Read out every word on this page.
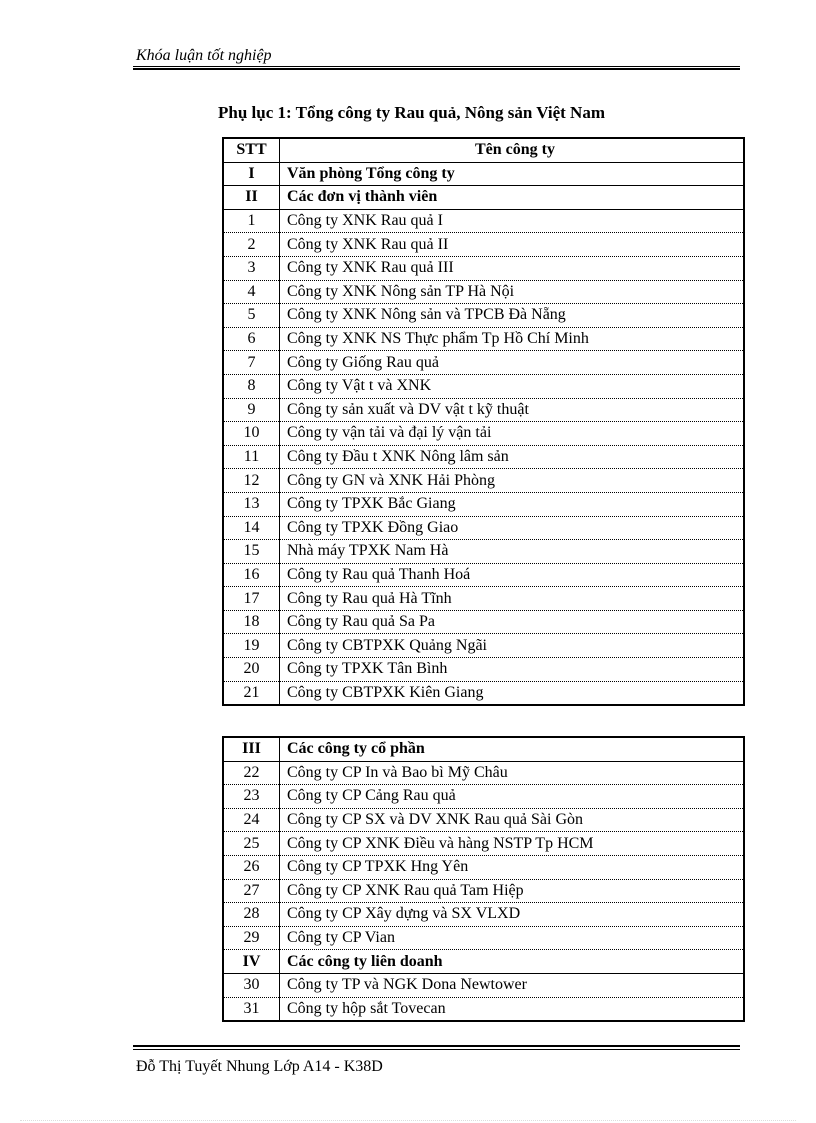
Khóa luận tốt nghiệp
Phụ lục 1: Tổng công ty Rau quả, Nông sản Việt Nam
STT	Tên công ty
I	Văn phòng Tổng công ty
II	Các đơn vị thành viên
1	Công ty XNK Rau quả I
2	Công ty XNK Rau quả II
3	Công ty XNK Rau quả III
4	Công ty XNK Nông sản TP Hà Nội
5	Công ty XNK Nông sản và TPCB Đà Nẵng
6	Công ty XNK NS Thực phẩm Tp Hồ Chí Minh
7	Công ty Giống Rau quả
8	Công ty Vật t và XNK
9	Công ty sản xuất và DV vật t kỹ thuật
10	Công ty vận tải và đại lý vận tải
11	Công ty Đầu t XNK Nông lâm sản
12	Công ty GN và XNK Hải Phòng
13	Công ty TPXK Bắc Giang
14	Công ty TPXK Đồng Giao
15	Nhà máy TPXK Nam Hà
16	Công ty Rau quả Thanh Hoá
17	Công ty Rau quả Hà Tĩnh
18	Công ty Rau quả Sa Pa
19	Công ty CBTPXK Quảng Ngãi
20	Công ty TPXK Tân Bình
21	Công ty CBTPXK Kiên Giang
III	Các công ty cổ phần
22	Công ty CP In và Bao bì Mỹ Châu
23	Công ty CP Cảng Rau quả
24	Công ty CP SX và DV XNK Rau quả Sài Gòn
25	Công ty CP XNK Điều và hàng NSTP Tp HCM
26	Công ty CP TPXK Hng Yên
27	Công ty CP XNK Rau quả Tam Hiệp
28	Công ty CP Xây dựng và SX VLXD
29	Công ty CP Vian
IV	Các công ty liên doanh
30	Công ty TP và NGK Dona Newtower
31	Công ty hộp sắt Tovecan
Đỗ Thị Tuyết Nhung Lớp A14 - K38D
